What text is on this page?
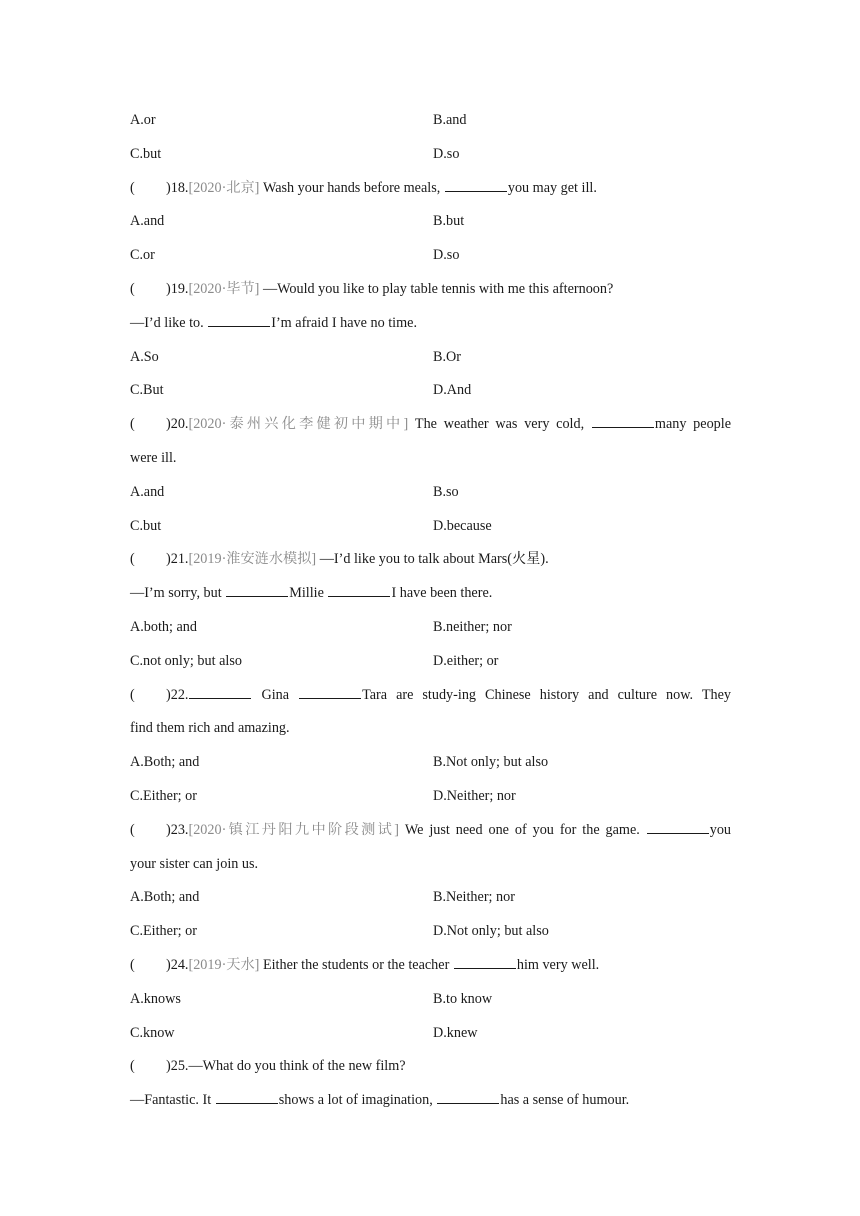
A.or	B.and
C.but	D.so
( )18.[2020·北京] Wash your hands before meals,	you may get ill.
A.and	B.but
C.or	D.so
( )19.[2020·毕节] —Would you like to play table tennis with me this afternoon?
—I’d like to.	I’m afraid I have no time.
A.So	B.Or
C.But	D.And
( )20.[2020·泰州兴化李健初中期中] The weather was very cold,	many people
were ill.
A.and	B.so
C.but	D.because
( )21.[2019·淮安涟水模拟] —I’d like you to talk about Mars(火星).
—I’m sorry, but	Millie	I have been there.
A.both; and	B.neither; nor
C.not only; but also	D.either; or
( )22.	Gina	Tara are study-ing Chinese history and culture now. They
find them rich and amazing.
A.Both; and	B.Not only; but also
C.Either; or	D.Neither; nor
( )23.[2020·镇江丹阳九中阶段测试] We just need one of you for the game.	you
your sister can join us.
A.Both; and	B.Neither; nor
C.Either; or	D.Not only; but also
( )24.[2019·天水] Either the students or the teacher	him very well.
A.knows	B.to know
C.know	D.knew
( )25.—What do you think of the new film?
—Fantastic. It	shows a lot of imagination,	has a sense of humour.
